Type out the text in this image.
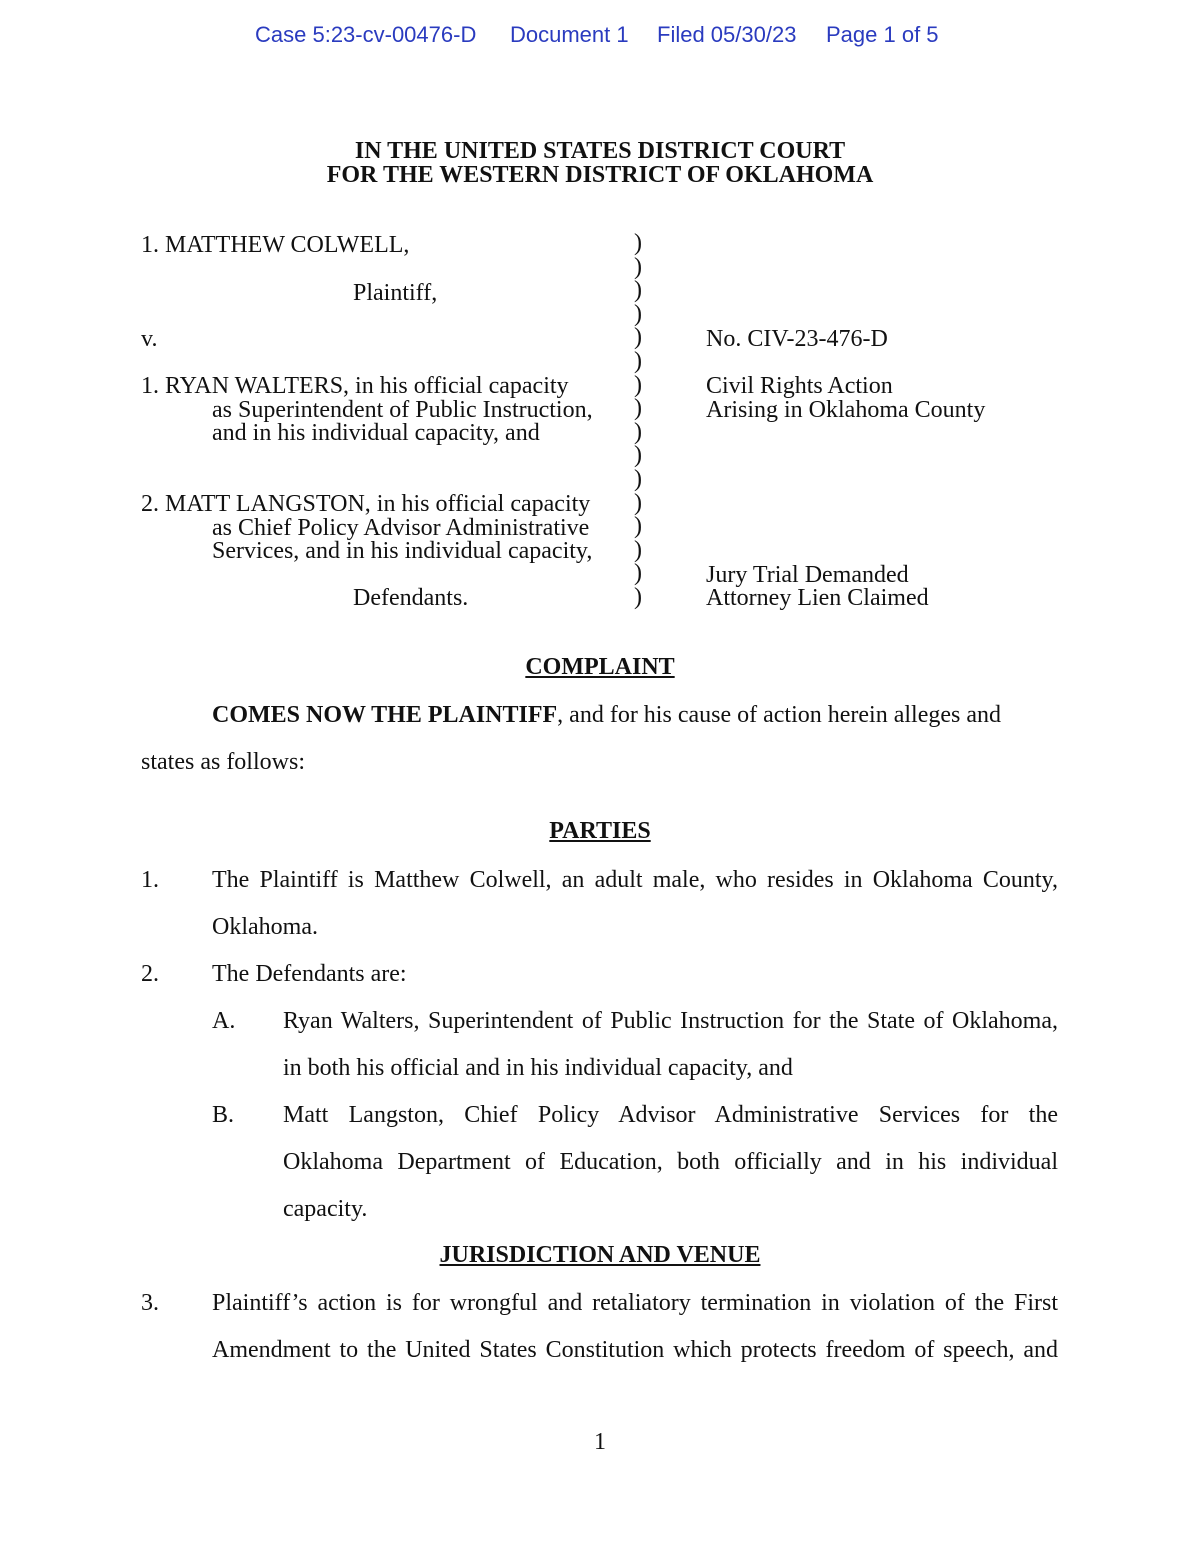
Case 5:23-cv-00476-D Document 1 Filed 05/30/23 Page 1 of 5
IN THE UNITED STATES DISTRICT COURT
FOR THE WESTERN DISTRICT OF OKLAHOMA
1. MATTHEW COLWELL,
Plaintiff,
v.
1. RYAN WALTERS, in his official capacity
as Superintendent of Public Instruction,
and in his individual capacity, and
2. MATT LANGSTON, in his official capacity
as Chief Policy Advisor Administrative
Services, and in his individual capacity,
Defendants.
)
)
)
)
)
)
)
)
)
)
)
)
)
)
)
)
No. CIV-23-476-D
Civil Rights Action
Arising in Oklahoma County
Jury Trial Demanded
Attorney Lien Claimed
COMPLAINT
COMES NOW THE PLAINTIFF, and for his cause of action herein alleges and
states as follows:
PARTIES
1. The Plaintiff is Matthew Colwell, an adult male, who resides in Oklahoma County,
Oklahoma.
2. The Defendants are:
A. Ryan Walters, Superintendent of Public Instruction for the State of Oklahoma,
in both his official and in his individual capacity, and
B. Matt Langston, Chief Policy Advisor Administrative Services for the
Oklahoma Department of Education, both officially and in his individual
capacity.
JURISDICTION AND VENUE
3. Plaintiff’s action is for wrongful and retaliatory termination in violation of the First
Amendment to the United States Constitution which protects freedom of speech, and
1
